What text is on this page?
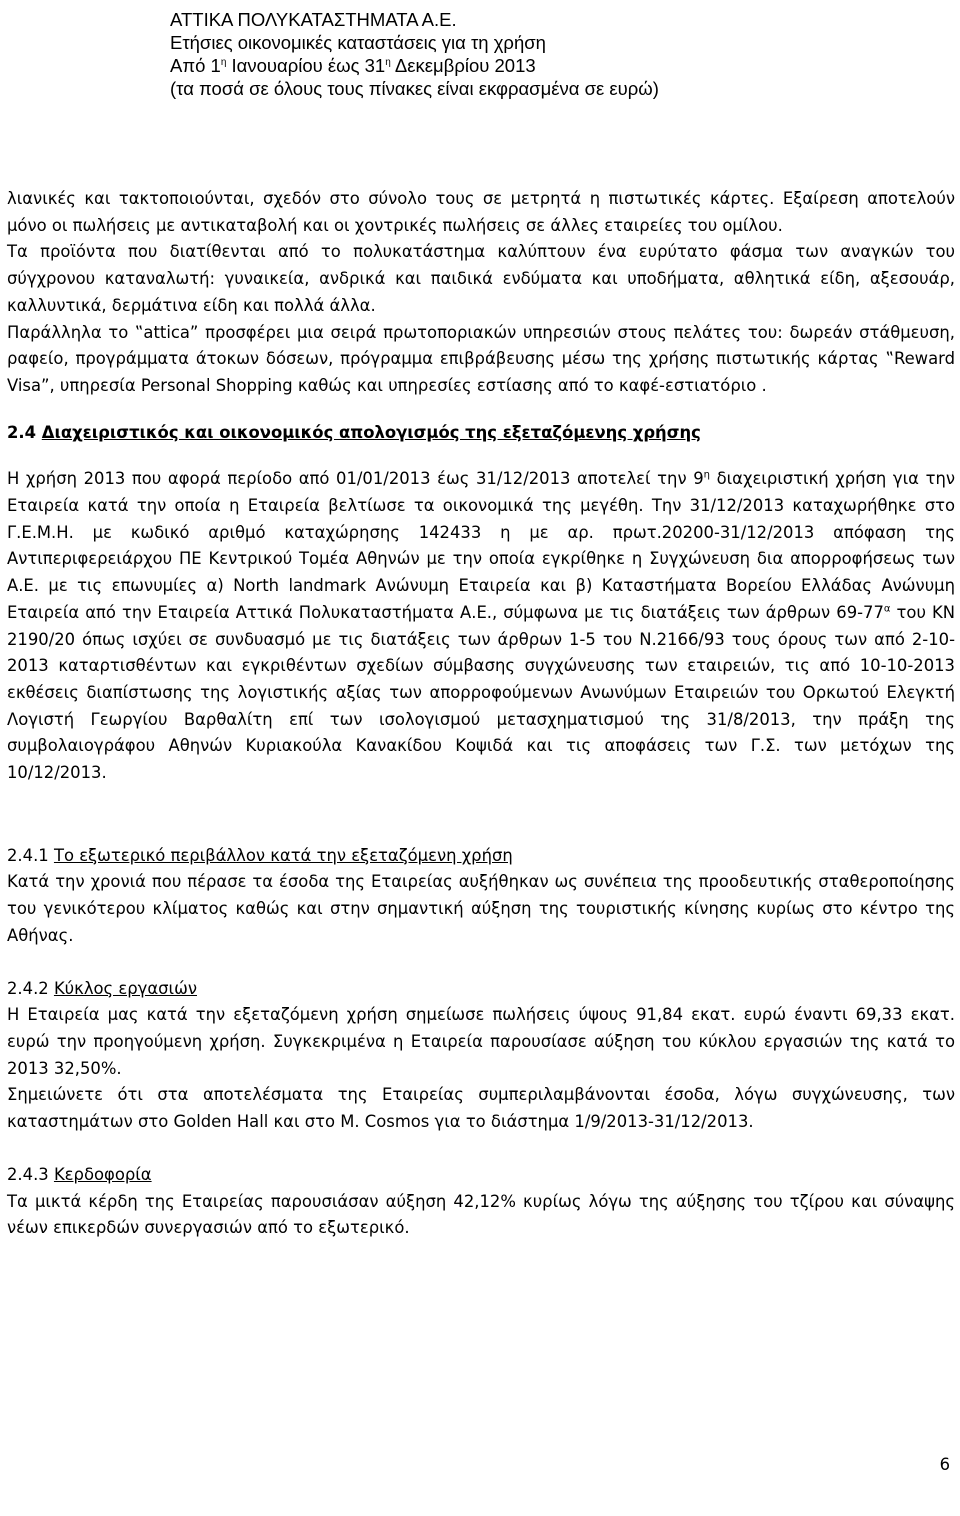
ΑΤΤΙΚΑ ΠΟΛΥΚΑΤΑΣΤΗΜΑΤΑ Α.Ε.
Ετήσιες οικονομικές καταστάσεις για τη χρήση
Από $1^\eta$ Ιανουαρίου έως $31^\eta$ Δεκεμβρίου 2013
(τα ποσά σε όλους τους πίνακες είναι εκφρασμένα σε ευρώ)

λιανικές και τακτοποιούνται, σχεδόν στο σύνολο τους σε μετρητά η πιστωτικές κάρτες. Εξαίρεση αποτελούν μόνο οι πωλήσεις με αντικαταβολή και οι χοντρικές πωλήσεις σε άλλες εταιρείες του ομίλου.

Τα προϊόντα που διατίθενται από το πολυκατάστημα καλύπτουν ένα ευρύτατο φάσμα των αναγκών του σύγχρονου καταναλωτή: γυναικεία, ανδρικά και παιδικά ενδύματα και υποδήματα, αθλητικά είδη, αξεσουάρ, καλλυντικά, δερμάτινα είδη και πολλά άλλα.

Παράλληλα το ‟attica” προσφέρει μια σειρά πρωτοποριακών υπηρεσιών στους πελάτες του: δωρεάν στάθμευση, ραφείο, προγράμματα άτοκων δόσεων, πρόγραμμα επιβράβευσης μέσω της χρήσης πιστωτικής κάρτας ‟Reward Visa”, υπηρεσία Personal Shopping καθώς και υπηρεσίες εστίασης από το καφέ-εστιατόριο .

2.4 Διαχειριστικός και οικονομικός απολογισμός της εξεταζόμενης χρήσης

Η χρήση 2013 που αφορά περίοδο από 01/01/2013 έως 31/12/2013 αποτελεί την $9^\eta$ διαχειριστική χρήση για την Εταιρεία κατά την οποία η Εταιρεία βελτίωσε τα οικονομικά της μεγέθη. Την 31/12/2013 καταχωρήθηκε στο Γ.Ε.Μ.Η. με κωδικό αριθμό καταχώρησης 142433 η με αρ. πρωτ.20200-31/12/2013 απόφαση της Αντιπεριφερειάρχου ΠΕ Κεντρικού Τομέα Αθηνών με την οποία εγκρίθηκε η Συγχώνευση δια απορροφήσεως των Α.Ε. με τις επωνυμίες α) North landmark Ανώνυμη Εταιρεία και β) Καταστήματα Βορείου Ελλάδας Ανώνυμη Εταιρεία από την Εταιρεία Αττικά Πολυκαταστήματα Α.Ε., σύμφωνα με τις διατάξεις των άρθρων $69-77^\alpha$ του ΚΝ 2190/20 όπως ισχύει σε συνδυασμό με τις διατάξεις των άρθρων 1-5 του Ν.2166/93 τους όρους των από 2-10-2013 καταρτισθέντων και εγκριθέντων σχεδίων σύμβασης συγχώνευσης των εταιρειών, τις από 10-10-2013 εκθέσεις διαπίστωσης της λογιστικής αξίας των απορροφούμενων Ανωνύμων Εταιρειών του Ορκωτού Ελεγκτή Λογιστή Γεωργίου Βαρθαλίτη επί των ισολογισμού μετασχηματισμού της 31/8/2013, την πράξη της συμβολαιογράφου Αθηνών Κυριακούλα Κανακίδου Κοψιδά και τις αποφάσεις των Γ.Σ. των μετόχων της 10/12/2013.

2.4.1 Το εξωτερικό περιβάλλον κατά την εξεταζόμενη χρήση

Κατά την χρονιά που πέρασε τα έσοδα της Εταιρείας αυξήθηκαν ως συνέπεια της προοδευτικής σταθεροποίησης του γενικότερου κλίματος καθώς και στην σημαντική αύξηση της τουριστικής κίνησης κυρίως στο κέντρο της Αθήνας.

2.4.2 Κύκλος εργασιών

Η Εταιρεία μας κατά την εξεταζόμενη χρήση σημείωσε πωλήσεις ύψους 91,84 εκατ. ευρώ έναντι 69,33 εκατ. ευρώ την προηγούμενη χρήση. Συγκεκριμένα η Εταιρεία παρουσίασε αύξηση του κύκλου εργασιών της κατά το 2013 32,50%.

Σημειώνετε ότι στα αποτελέσματα της Εταιρείας συμπεριλαμβάνονται έσοδα, λόγω συγχώνευσης, των καταστημάτων στο Golden Hall και στο M. Cosmos για το διάστημα 1/9/2013-31/12/2013.

2.4.3 Κερδοφορία

Τα μικτά κέρδη της Εταιρείας παρουσιάσαν αύξηση 42,12% κυρίως λόγω της αύξησης του τζίρου και σύναψης νέων επικερδών συνεργασιών από το εξωτερικό.

6
